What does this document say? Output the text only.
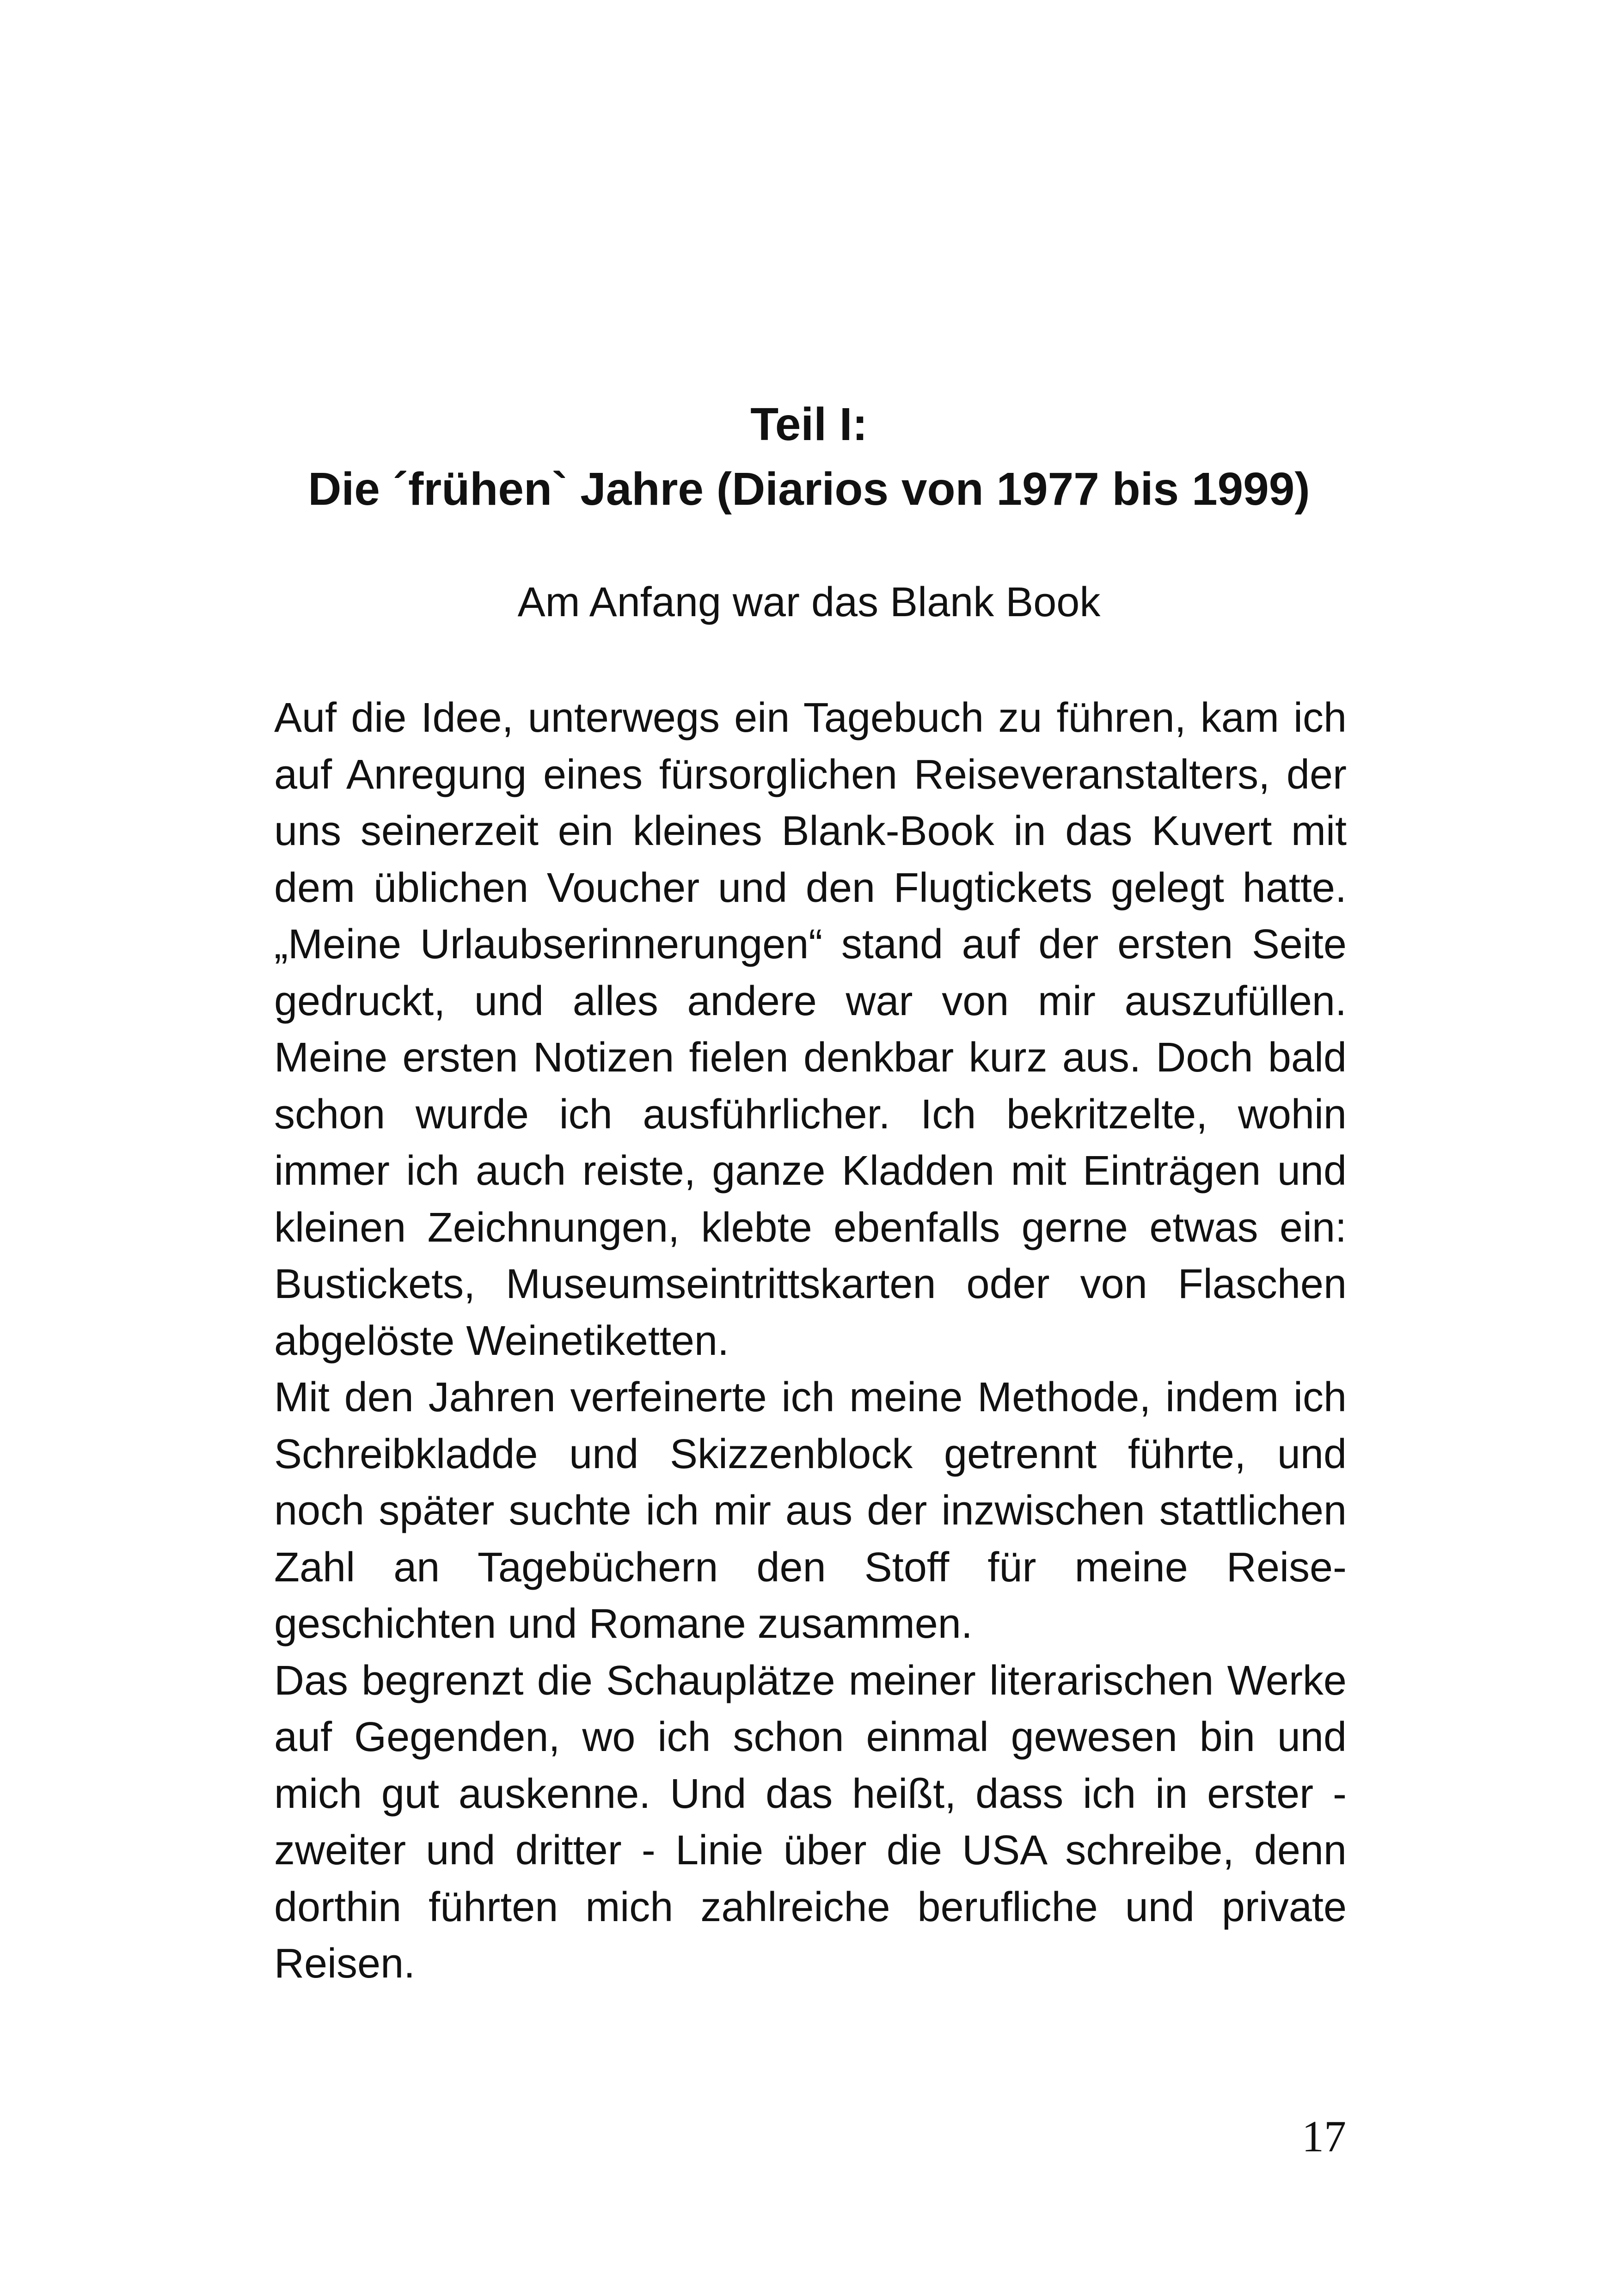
Teil I:
Die ´frühen` Jahre (Diarios von 1977 bis 1999)
Am Anfang war das Blank Book

Auf die Idee, unterwegs ein Tagebuch zu führen, kam ich auf Anregung eines fürsorglichen Reiseveranstalters, der uns seinerzeit ein kleines Blank-Book in das Kuvert mit dem üblichen Voucher und den Flugtickets gelegt hatte. „Meine Urlaubserinnerungen“ stand auf der ersten Seite gedruckt, und alles andere war von mir auszufüllen. Meine ersten Notizen fielen denkbar kurz aus. Doch bald schon wurde ich ausführlicher. Ich bekritzelte, wohin immer ich auch reiste, ganze Kladden mit Einträgen und kleinen Zeichnungen, klebte ebenfalls gerne etwas ein: Bustickets, Museumseintrittskarten oder von Flaschen abgelöste Weinetiketten.

Mit den Jahren verfeinerte ich meine Methode, indem ich Schreibkladde und Skizzenblock getrennt führte, und noch später suchte ich mir aus der inzwischen stattlichen Zahl an Tagebüchern den Stoff für meine Reise-geschichten und Romane zusammen.

Das begrenzt die Schauplätze meiner literarischen Werke auf Gegenden, wo ich schon einmal gewesen bin und mich gut auskenne. Und das heißt, dass ich in erster - zweiter und dritter - Linie über die USA schreibe, denn dorthin führten mich zahlreiche berufliche und private Reisen.

17
